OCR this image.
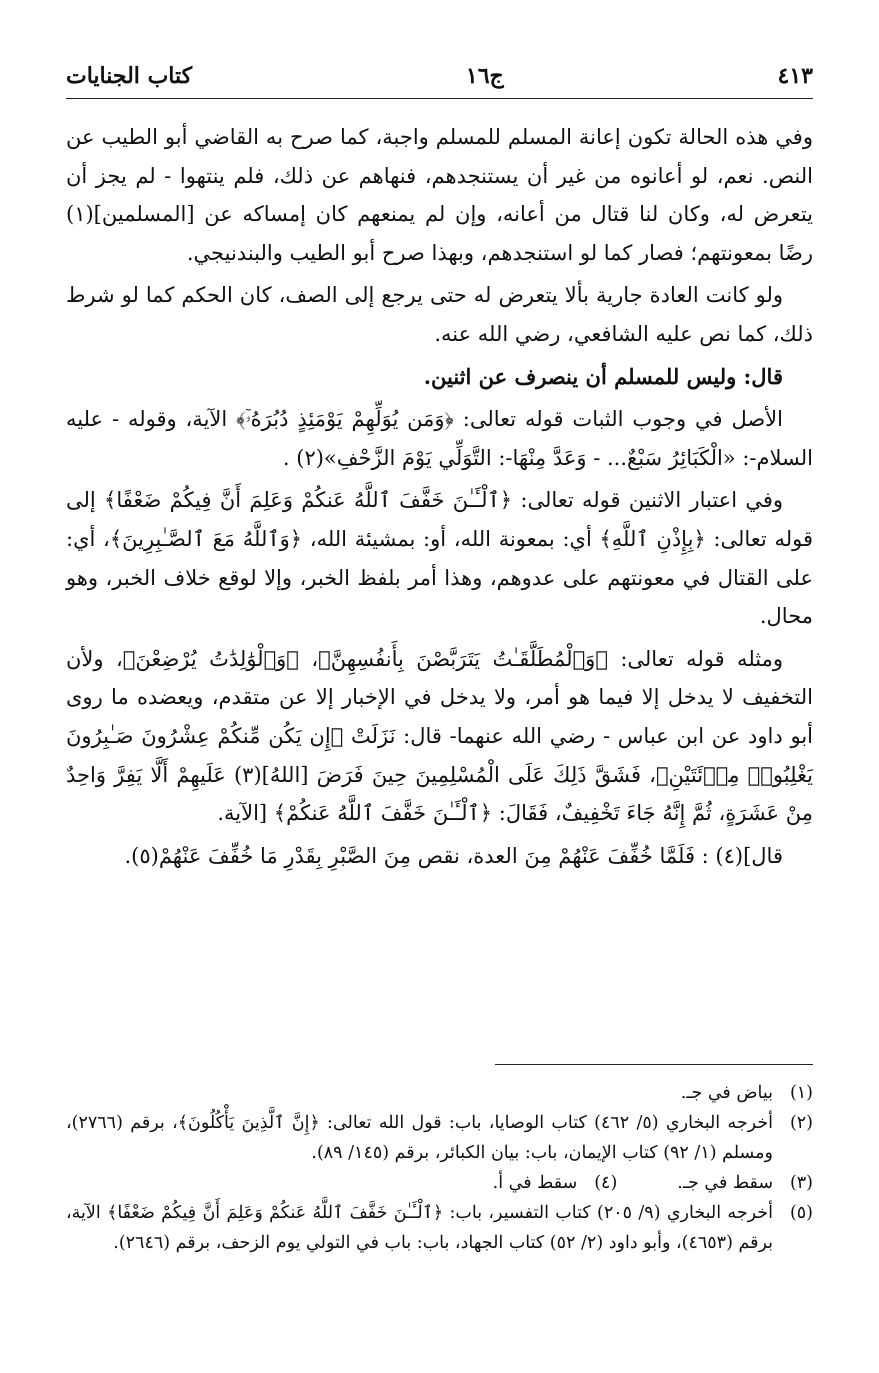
٤١٣
ج١٦
كتاب الجنايات

وفي هذه الحالة تكون إعانة المسلم للمسلم واجبة، كما صرح به القاضي أبو الطيب عن النص. نعم، لو أعانوه من غير أن يستنجدهم، فنهاهم عن ذلك، فلم ينتهوا - لم يجز أن يتعرض له، وكان لنا قتال من أعانه، وإن لم يمنعهم كان إمساكه عن [المسلمين](١) رضًا بمعونتهم؛ فصار كما لو استنجدهم، وبهذا صرح أبو الطيب والبندنيجي.

ولو كانت العادة جارية بألا يتعرض له حتى يرجع إلى الصف، كان الحكم كما لو شرط ذلك، كما نص عليه الشافعي، رضي الله عنه.

قال: وليس للمسلم أن ينصرف عن اثنين.

الأصل في وجوب الثبات قوله تعالى: ﴿وَمَن يُوَلِّهِمْ يَوْمَئِذٍ دُبُرَهُۥٓ﴾ الآية، وقوله - عليه السلام-: «الْكَبَائِرُ سَبْعٌ... - وَعَدَّ مِنْهَا-: التَّوَلِّي يَوْمَ الزَّحْفِ»(٢) .

وفي اعتبار الاثنين قوله تعالى: ﴿ٱلْـَٔـٰنَ خَفَّفَ ٱللَّهُ عَنكُمْ وَعَلِمَ أَنَّ فِيكُمْ ضَعْفًا﴾ إلى قوله تعالى: ﴿بِإِذْنِ ٱللَّهِ﴾ أي: بمعونة الله، أو: بمشيئة الله، ﴿وَٱللَّهُ مَعَ ٱلصَّـٰبِرِينَ﴾، أي: على القتال في معونتهم على عدوهم، وهذا أمر بلفظ الخبر، وإلا لوقع خلاف الخبر، وهو محال.

ومثله قوله تعالى: ﴿وَٱلْمُطَلَّقَـٰتُ يَتَرَبَّصْنَ بِأَنفُسِهِنَّ﴾، ﴿وَٱلْوَٰلِدَٰتُ يُرْضِعْنَ﴾، ولأن التخفيف لا يدخل إلا فيما هو أمر، ولا يدخل في الإخبار إلا عن متقدم، ويعضده ما روى أبو داود عن ابن عباس - رضي الله عنهما- قال: نَزَلَتْ ﴿إِن يَكُن مِّنكُمْ عِشْرُونَ صَـٰبِرُونَ يَغْلِبُوا۟ مِا۟ئَتَيْنِ﴾، فَشَقَّ ذَلِكَ عَلَى الْمُسْلِمِينَ حِينَ فَرَضَ [اللهُ](٣) عَلَيهِمْ أَلَّا يَفِرَّ وَاحِدٌ مِنْ عَشَرَةٍ، ثُمَّ إِنَّهُ جَاءَ تَخْفِيفٌ، فَقَالَ: ﴿ٱلْـَٔـٰنَ خَفَّفَ ٱللَّهُ عَنكُمْ﴾ [الآية.

قال](٤) : فَلَمَّا خُفِّفَ عَنْهُمْ مِنَ العدة، نقص مِنَ الصَّبْرِ بِقَدْرِ مَا خُفِّفَ عَنْهُمْ(٥).

(١)
بياض في جـ.
(٢)
أخرجه البخاري (٥/ ٤٦٢) كتاب الوصايا، باب: قول الله تعالى: ﴿إِنَّ ٱلَّذِينَ يَأْكُلُونَ﴾، برقم (٢٧٦٦)، ومسلم (١/ ٩٢) كتاب الإيمان، باب: بيان الكبائر، برقم (١٤٥/ ٨٩).
(٣)
سقط في جـ.
(٤)
سقط في أ.
(٥)
أخرجه البخاري (٩/ ٢٠٥) كتاب التفسير، باب: ﴿ٱلْـَٔـٰنَ خَفَّفَ ٱللَّهُ عَنكُمْ وَعَلِمَ أَنَّ فِيكُمْ ضَعْفًا﴾ الآية، برقم (٤٦٥٣)، وأبو داود (٢/ ٥٢) كتاب الجهاد، باب: باب في التولي يوم الزحف، برقم (٢٦٤٦).
